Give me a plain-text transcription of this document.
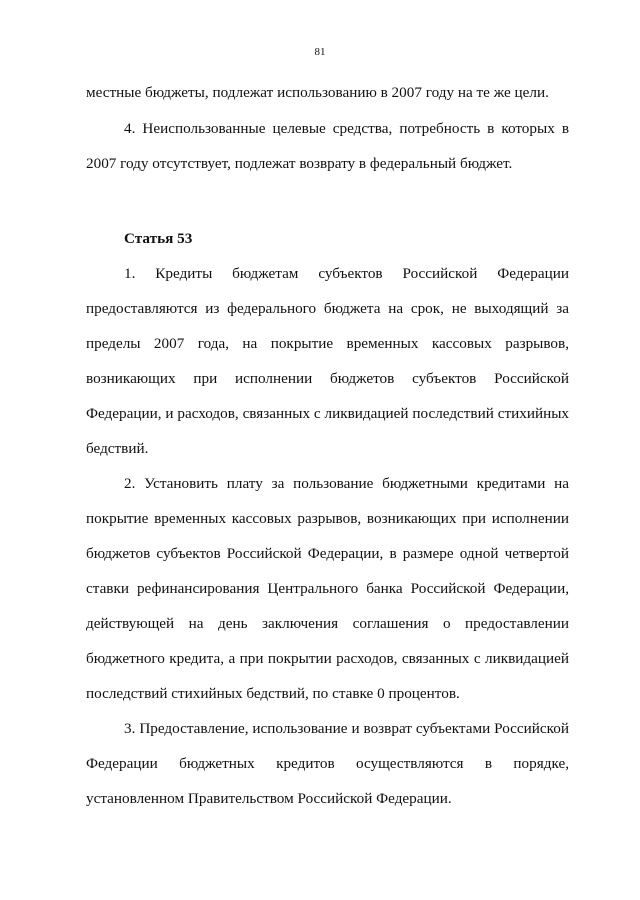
81

местные бюджеты, подлежат использованию в 2007 году на те же цели.

4. Неиспользованные целевые средства, потребность в которых в 2007 году отсутствует, подлежат возврату в федеральный бюджет.

Статья 53

1. Кредиты бюджетам субъектов Российской Федерации предоставляются из федерального бюджета на срок, не выходящий за пределы 2007 года, на покрытие временных кассовых разрывов, возникающих при исполнении бюджетов субъектов Российской Федерации, и расходов, связанных с ликвидацией последствий стихийных бедствий.

2. Установить плату за пользование бюджетными кредитами на покрытие временных кассовых разрывов, возникающих при исполнении бюджетов субъектов Российской Федерации, в размере одной четвертой ставки рефинансирования Центрального банка Российской Федерации, действующей на день заключения соглашения о предоставлении бюджетного кредита, а при покрытии расходов, связанных с ликвидацией последствий стихийных бедствий, по ставке 0 процентов.

3. Предоставление, использование и возврат субъектами Российской Федерации бюджетных кредитов осуществляются в порядке, установленном Правительством Российской Федерации.
